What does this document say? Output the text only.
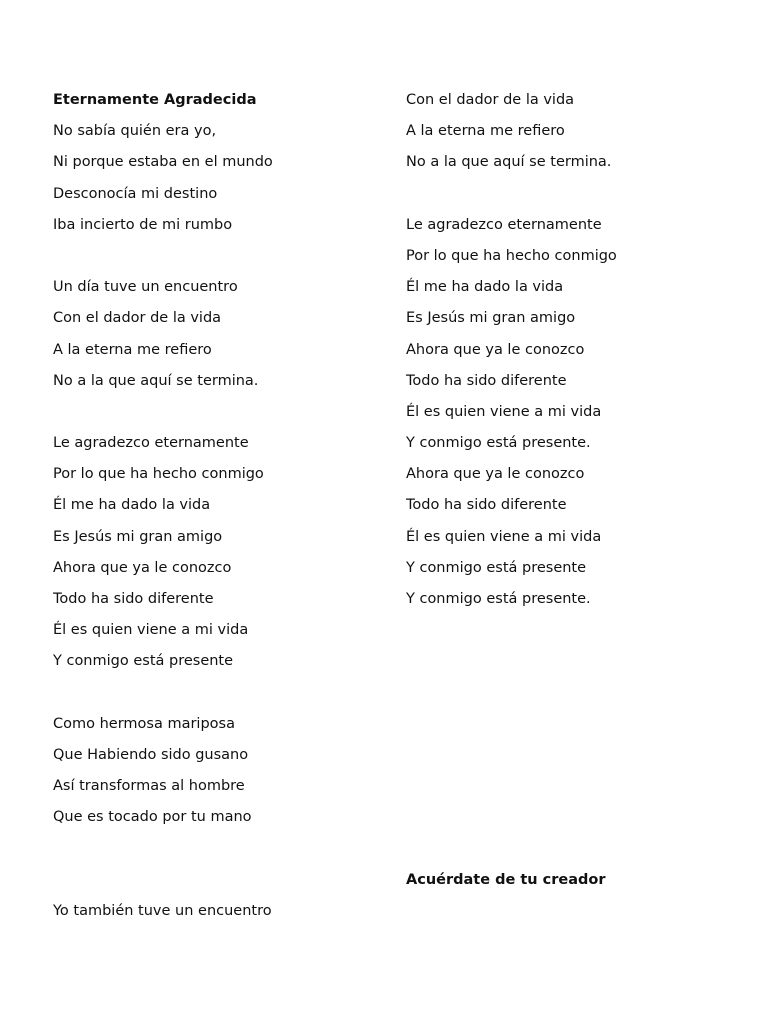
Eternamente Agradecida
No sabía quién era yo,
Ni porque estaba en el mundo
Desconocía mi destino
Iba incierto de mi rumbo
Un día tuve un encuentro
Con el dador de la vida
A la eterna me refiero
No a la que aquí se termina.
Le agradezco eternamente
Por lo que ha hecho conmigo
Él me ha dado la vida
Es Jesús mi gran amigo
Ahora que ya le conozco
Todo ha sido diferente
Él es quien viene a mi vida
Y conmigo está presente
Como hermosa mariposa
Que Habiendo sido gusano
Así transformas al hombre
Que es tocado por tu mano
Yo también tuve un encuentro
Con el dador de la vida
A la eterna me refiero
No a la que aquí se termina.
Le agradezco eternamente
Por lo que ha hecho conmigo
Él me ha dado la vida
Es Jesús mi gran amigo
Ahora que ya le conozco
Todo ha sido diferente
Él es quien viene a mi vida
Y conmigo está presente.
Ahora que ya le conozco
Todo ha sido diferente
Él es quien viene a mi vida
Y conmigo está presente
Y conmigo está presente.
Acuérdate de tu creador
